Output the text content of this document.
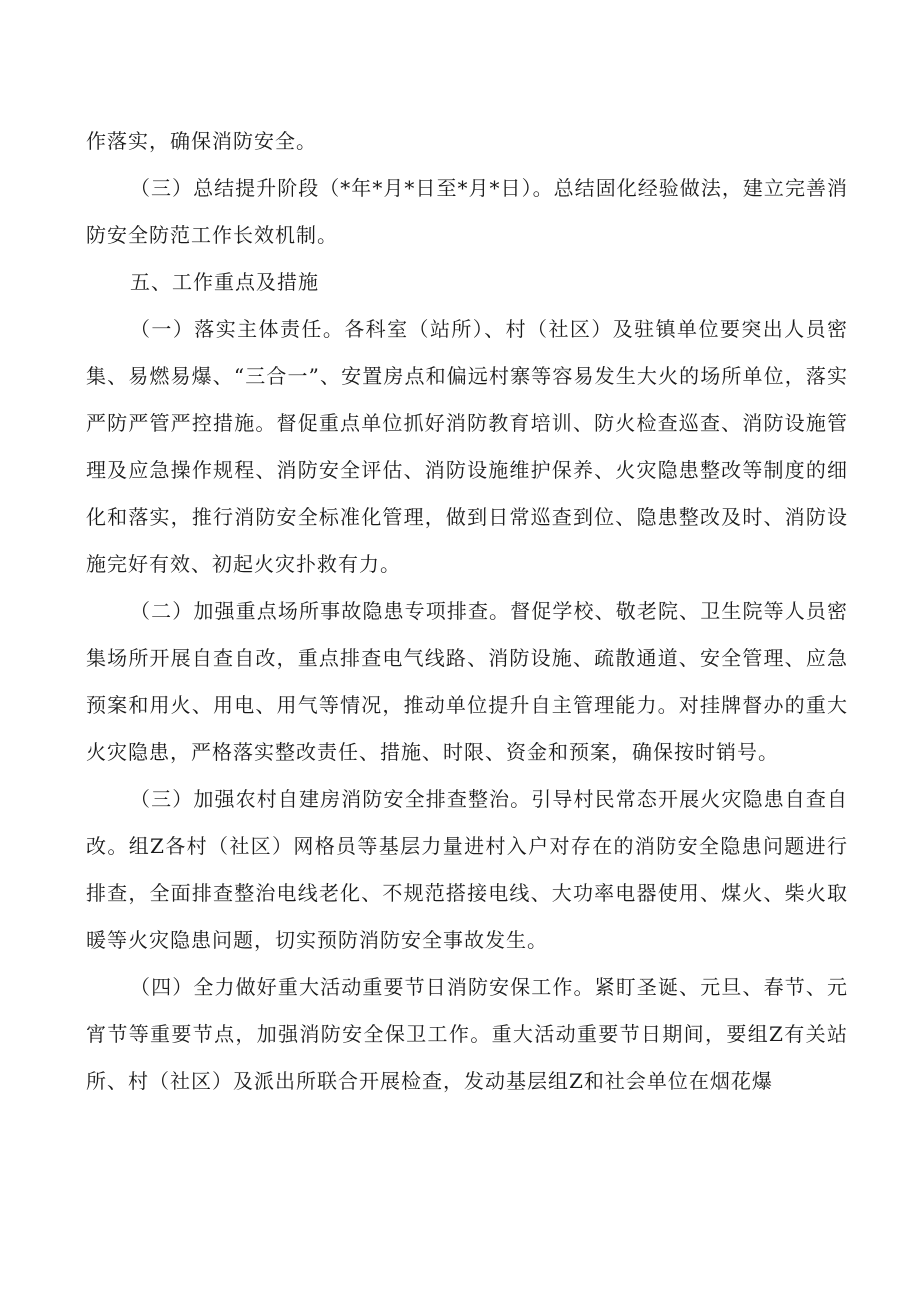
作落实，确保消防安全。

（三）总结提升阶段（*年*月*日至*月*日）。总结固化经验做法，建立完善消防安全防范工作长效机制。

五、工作重点及措施

（一）落实主体责任。各科室（站所）、村（社区）及驻镇单位要突出人员密集、易燃易爆、“三合一”、安置房点和偏远村寨等容易发生大火的场所单位，落实严防严管严控措施。督促重点单位抓好消防教育培训、防火检查巡查、消防设施管理及应急操作规程、消防安全评估、消防设施维护保养、火灾隐患整改等制度的细化和落实，推行消防安全标准化管理，做到日常巡查到位、隐患整改及时、消防设施完好有效、初起火灾扑救有力。

（二）加强重点场所事故隐患专项排查。督促学校、敬老院、卫生院等人员密集场所开展自查自改，重点排查电气线路、消防设施、疏散通道、安全管理、应急预案和用火、用电、用气等情况，推动单位提升自主管理能力。对挂牌督办的重大火灾隐患，严格落实整改责任、措施、时限、资金和预案，确保按时销号。

（三）加强农村自建房消防安全排查整治。引导村民常态开展火灾隐患自查自改。组Z各村（社区）网格员等基层力量进村入户对存在的消防安全隐患问题进行排查，全面排查整治电线老化、不规范搭接电线、大功率电器使用、煤火、柴火取暖等火灾隐患问题，切实预防消防安全事故发生。

（四）全力做好重大活动重要节日消防安保工作。紧盯圣诞、元旦、春节、元宵节等重要节点，加强消防安全保卫工作。重大活动重要节日期间，要组Z有关站所、村（社区）及派出所联合开展检查，发动基层组Z和社会单位在烟花爆
